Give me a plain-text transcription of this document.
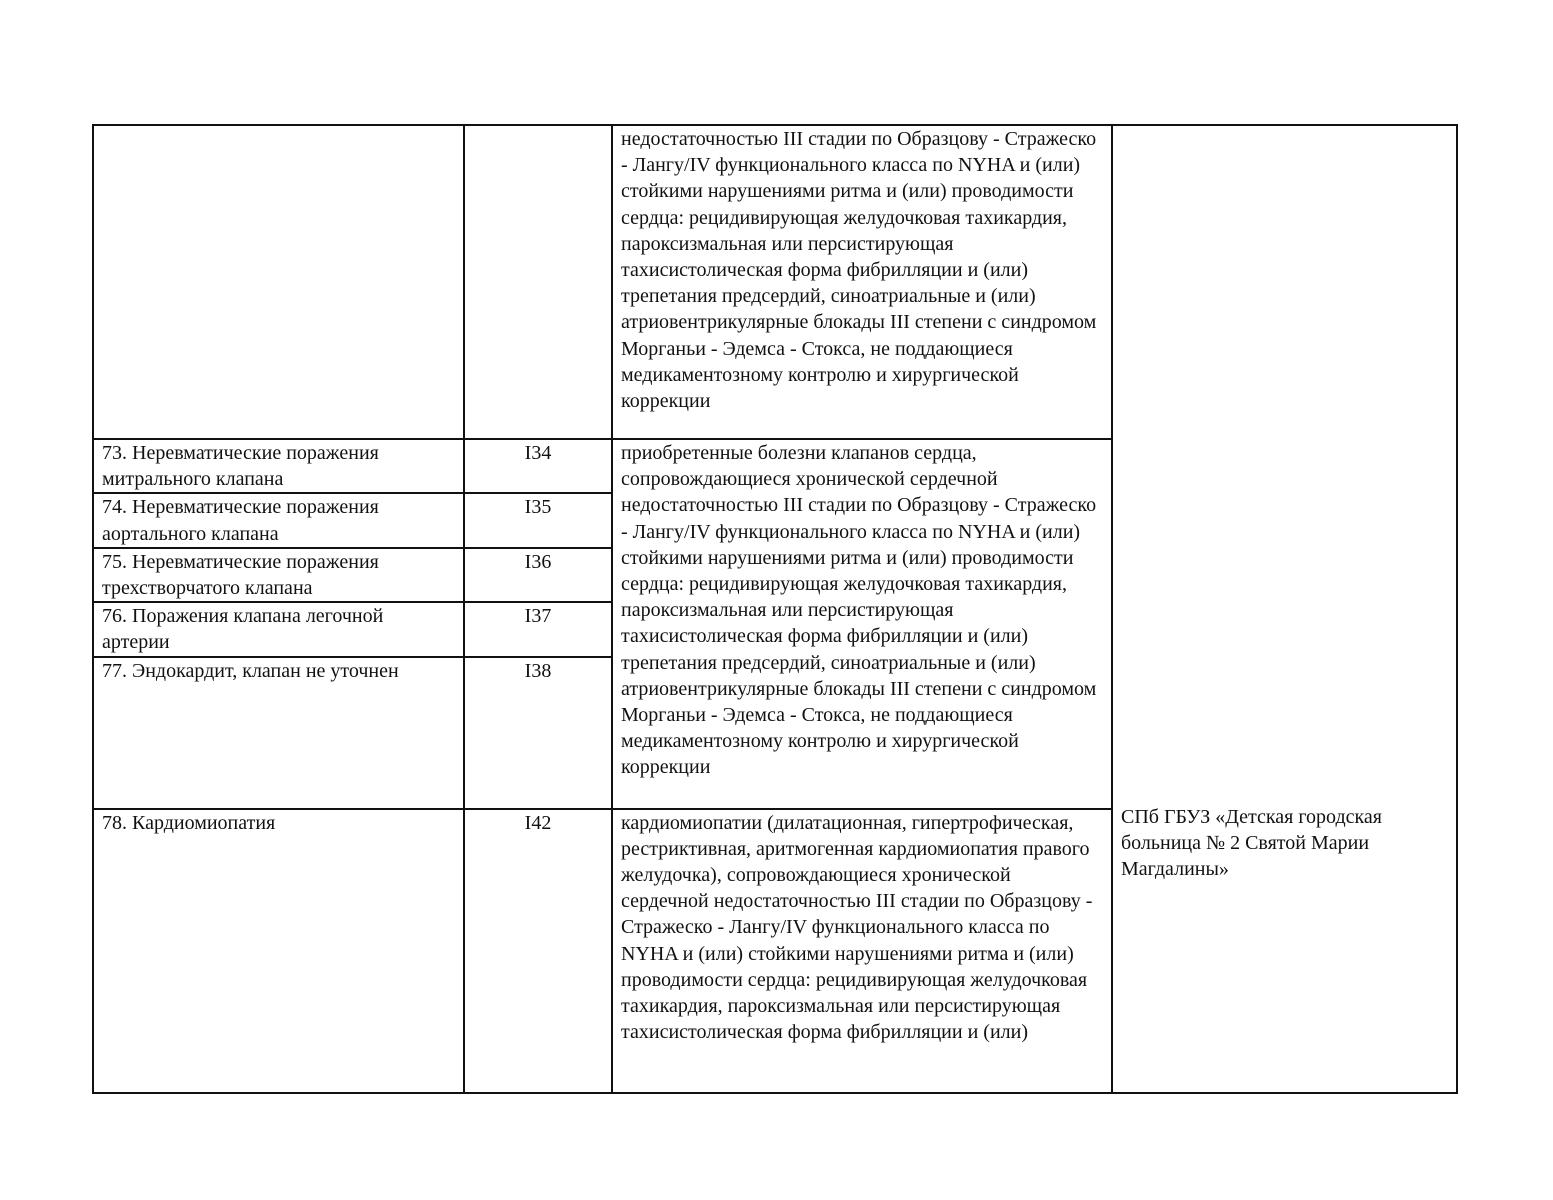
		недостаточностью III стадии по Образцову - Стражеско - Лангу/IV функционального класса по NYHA и (или) стойкими нарушениями ритма и (или) проводимости сердца: рецидивирующая желудочковая тахикардия, пароксизмальная или персистирующая тахисистолическая форма фибрилляции и (или) трепетания предсердий, синоатриальные и (или) атриовентрикулярные блокады III степени с синдромом Морганьи - Эдемса - Стокса, не поддающиеся медикаментозному контролю и хирургической коррекции	СПб ГБУЗ «Детская городская больница № 2 Святой Марии Магдалины»

73. Неревматические поражения митрального клапана	I34	приобретенные болезни клапанов сердца, сопровождающиеся хронической сердечной недостаточностью III стадии по Образцову - Стражеско - Лангу/IV функционального класса по NYHA и (или) стойкими нарушениями ритма и (или) проводимости сердца: рецидивирующая желудочковая тахикардия, пароксизмальная или персистирующая тахисистолическая форма фибрилляции и (или) трепетания предсердий, синоатриальные и (или) атриовентрикулярные блокады III степени с синдромом Морганьи - Эдемса - Стокса, не поддающиеся медикаментозному контролю и хирургической коррекции	

74. Неревматические поражения аортального клапана	I35		
75. Неревматические поражения трехстворчатого клапана	I36		
76. Поражения клапана легочной артерии	I37		
77. Эндокардит, клапан не уточнен	I38		
78. Кардиомиопатия	I42	кардиомиопатии (дилатационная, гипертрофическая, рестриктивная, аритмогенная кардиомиопатия правого желудочка), сопровождающиеся хронической сердечной недостаточностью III стадии по Образцову - Стражеско - Лангу/IV функционального класса по NYHA и (или) стойкими нарушениями ритма и (или) проводимости сердца: рецидивирующая желудочковая тахикардия, пароксизмальная или персистирующая тахисистолическая форма фибрилляции и (или)	
